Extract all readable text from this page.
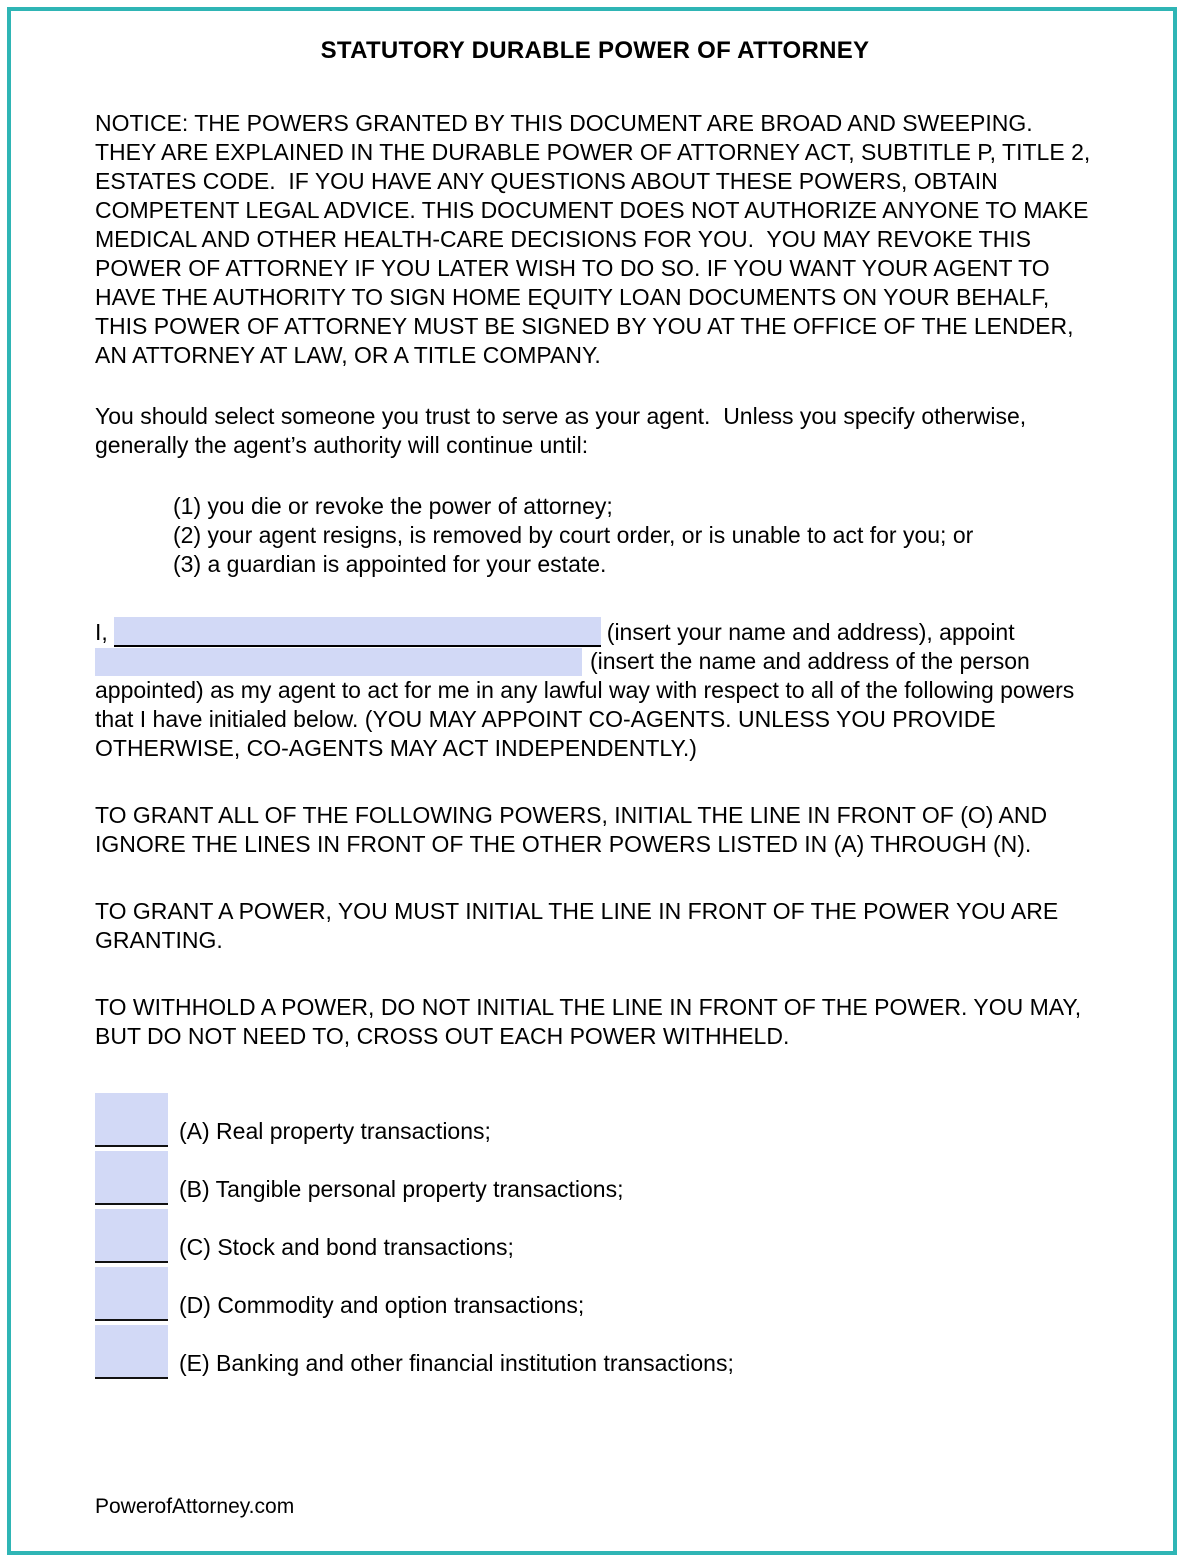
STATUTORY DURABLE POWER OF ATTORNEY

NOTICE: THE POWERS GRANTED BY THIS DOCUMENT ARE BROAD AND SWEEPING. THEY ARE EXPLAINED IN THE DURABLE POWER OF ATTORNEY ACT, SUBTITLE P, TITLE 2, ESTATES CODE.  IF YOU HAVE ANY QUESTIONS ABOUT THESE POWERS, OBTAIN COMPETENT LEGAL ADVICE. THIS DOCUMENT DOES NOT AUTHORIZE ANYONE TO MAKE MEDICAL AND OTHER HEALTH-CARE DECISIONS FOR YOU.  YOU MAY REVOKE THIS POWER OF ATTORNEY IF YOU LATER WISH TO DO SO. IF YOU WANT YOUR AGENT TO HAVE THE AUTHORITY TO SIGN HOME EQUITY LOAN DOCUMENTS ON YOUR BEHALF, THIS POWER OF ATTORNEY MUST BE SIGNED BY YOU AT THE OFFICE OF THE LENDER, AN ATTORNEY AT LAW, OR A TITLE COMPANY.

You should select someone you trust to serve as your agent.  Unless you specify otherwise, generally the agent’s authority will continue until:

(1) you die or revoke the power of attorney;

(2) your agent resigns, is removed by court order, or is unable to act for you; or

(3) a guardian is appointed for your estate.

I,	(insert your name and address), appoint (insert the name and address of the person appointed) as my agent to act for me in any lawful way with respect to all of the following powers that I have initialed below. (YOU MAY APPOINT CO-AGENTS. UNLESS YOU PROVIDE OTHERWISE, CO-AGENTS MAY ACT INDEPENDENTLY.)

TO GRANT ALL OF THE FOLLOWING POWERS, INITIAL THE LINE IN FRONT OF (O) AND IGNORE THE LINES IN FRONT OF THE OTHER POWERS LISTED IN (A) THROUGH (N).

TO GRANT A POWER, YOU MUST INITIAL THE LINE IN FRONT OF THE POWER YOU ARE GRANTING.

TO WITHHOLD A POWER, DO NOT INITIAL THE LINE IN FRONT OF THE POWER. YOU MAY, BUT DO NOT NEED TO, CROSS OUT EACH POWER WITHHELD.

(A) Real property transactions;
(B) Tangible personal property transactions;
(C) Stock and bond transactions;
(D) Commodity and option transactions;
(E) Banking and other financial institution transactions;
PowerofAttorney.com
